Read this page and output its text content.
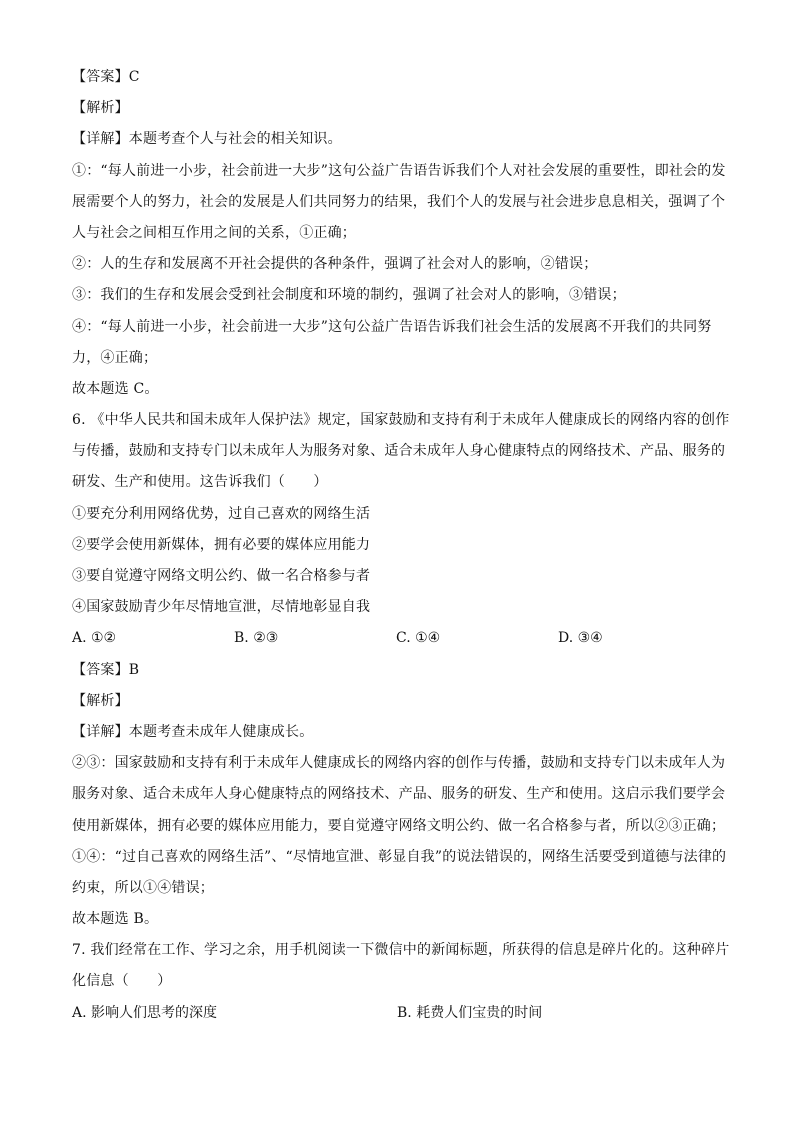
【答案】C
【解析】
【详解】本题考查个人与社会的相关知识。
①：“每人前进一小步，社会前进一大步”这句公益广告语告诉我们个人对社会发展的重要性，即社会的发
展需要个人的努力，社会的发展是人们共同努力的结果，我们个人的发展与社会进步息息相关，强调了个
人与社会之间相互作用之间的关系，①正确；
②：人的生存和发展离不开社会提供的各种条件，强调了社会对人的影响，②错误；
③：我们的生存和发展会受到社会制度和环境的制约，强调了社会对人的影响，③错误；
④：“每人前进一小步，社会前进一大步”这句公益广告语告诉我们社会生活的发展离不开我们的共同努
力，④正确；
故本题选 C。
6. 《中华人民共和国未成年人保护法》规定，国家鼓励和支持有利于未成年人健康成长的网络内容的创作
与传播，鼓励和支持专门以未成年人为服务对象、适合未成年人身心健康特点的网络技术、产品、服务的
研发、生产和使用。这告诉我们（　　）
①要充分利用网络优势，过自己喜欢的网络生活
②要学会使用新媒体，拥有必要的媒体应用能力
③要自觉遵守网络文明公约、做一名合格参与者
④国家鼓励青少年尽情地宣泄，尽情地彰显自我
A. ①②	B. ②③	C. ①④	D. ③④
【答案】B
【解析】
【详解】本题考查未成年人健康成长。
②③：国家鼓励和支持有利于未成年人健康成长的网络内容的创作与传播，鼓励和支持专门以未成年人为
服务对象、适合未成年人身心健康特点的网络技术、产品、服务的研发、生产和使用。这启示我们要学会
使用新媒体，拥有必要的媒体应用能力，要自觉遵守网络文明公约、做一名合格参与者，所以②③正确；
①④：“过自己喜欢的网络生活”、“尽情地宣泄、彰显自我”的说法错误的，网络生活要受到道德与法律的
约束，所以①④错误；
故本题选 B。
7. 我们经常在工作、学习之余，用手机阅读一下微信中的新闻标题，所获得的信息是碎片化的。这种碎片
化信息（　　）
A. 影响人们思考的深度	B. 耗费人们宝贵的时间
